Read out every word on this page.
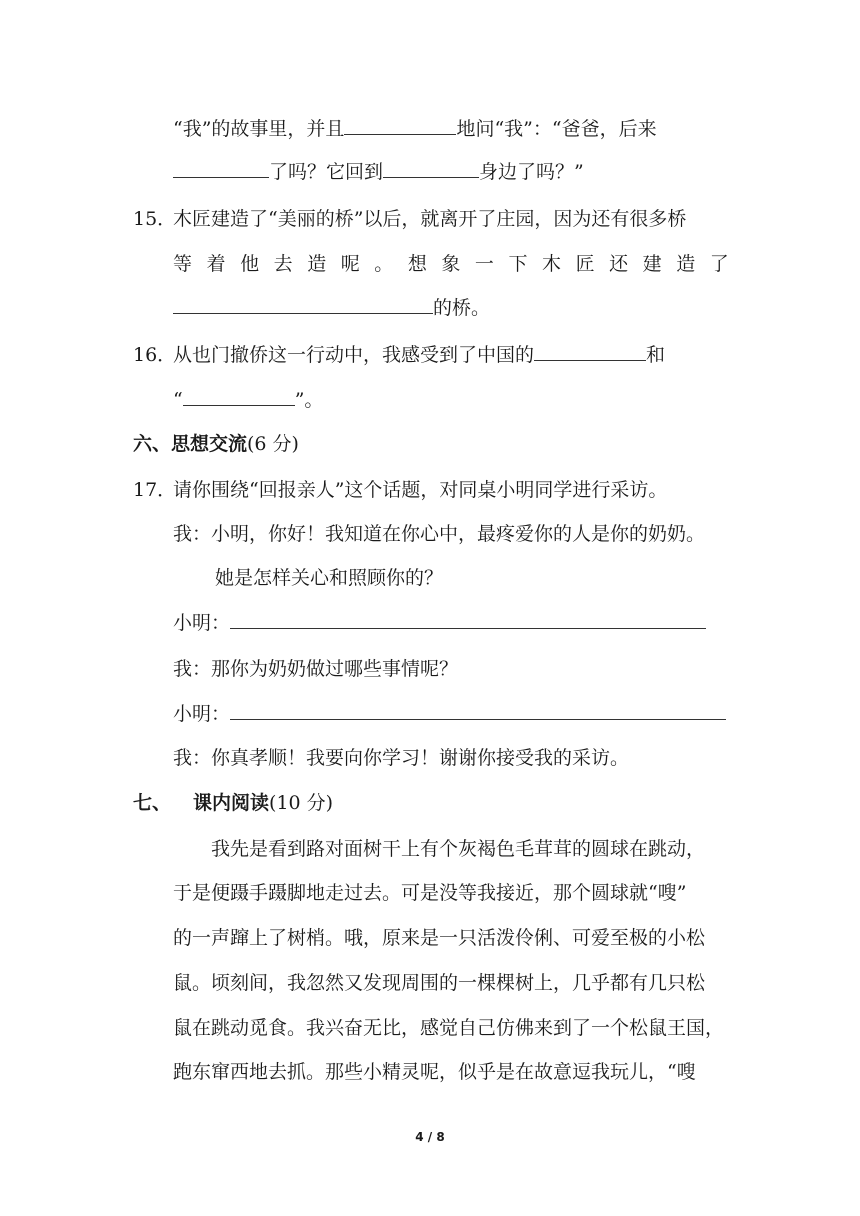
“我”的故事里，并且	地问“我”：“爸爸，后来
了吗？它回到	身边了吗？”
15．木匠建造了“美丽的桥”以后，就离开了庄园，因为还有很多桥
等 着 他 去 造 呢 。 想 象 一 下 木 匠 还 建 造 了
的桥。
16．从也门撤侨这一行动中，我感受到了中国的	和
“	”。
六、思想交流(6 分)
17．请你围绕“回报亲人”这个话题，对同桌小明同学进行采访。
我：小明，你好！我知道在你心中，最疼爱你的人是你的奶奶。
她是怎样关心和照顾你的？
小明：
我：那你为奶奶做过哪些事情呢？
小明：
我：你真孝顺！我要向你学习！谢谢你接受我的采访。
七、 课内阅读(10 分)
我先是看到路对面树干上有个灰褐色毛茸茸的圆球在跳动，
于是便蹑手蹑脚地走过去。可是没等我接近，那个圆球就“嗖”
的一声蹿上了树梢。哦，原来是一只活泼伶俐、可爱至极的小松
鼠。顷刻间，我忽然又发现周围的一棵棵树上，几乎都有几只松
鼠在跳动觅食。我兴奋无比，感觉自己仿佛来到了一个松鼠王国，
跑东窜西地去抓。那些小精灵呢，似乎是在故意逗我玩儿，“嗖
4 / 8
